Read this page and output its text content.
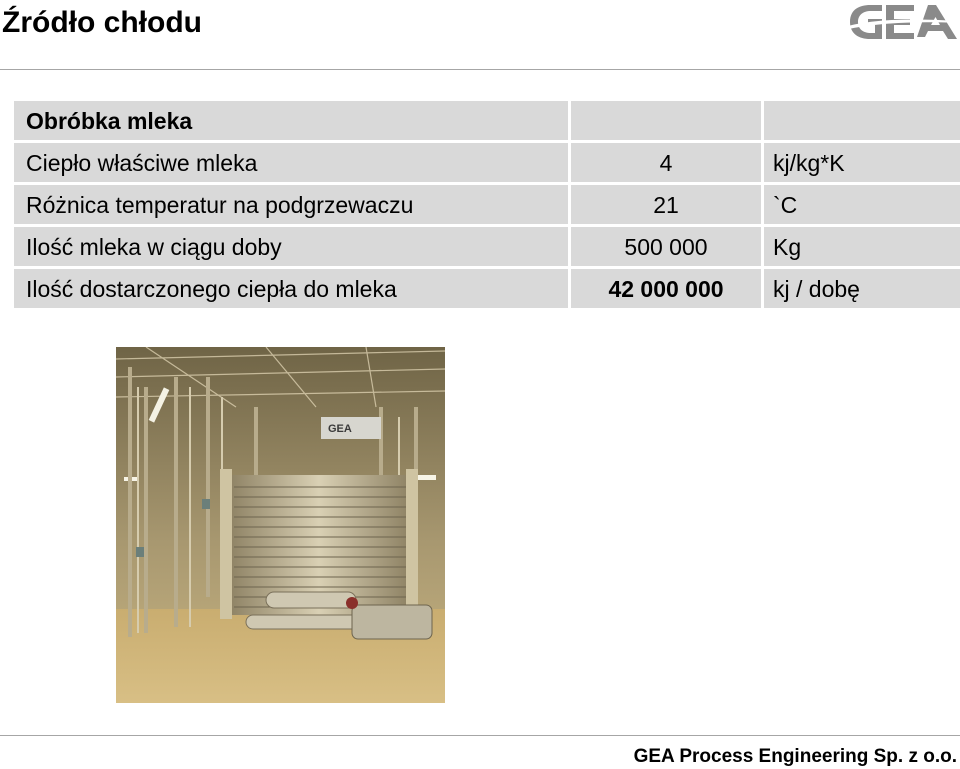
Źródło chłodu
Obróbka mleka		
Ciepło właściwe mleka	4	kj/kg*K
Różnica temperatur na podgrzewaczu	21	`C
Ilość mleka w ciągu doby	500 000	Kg
Ilość dostarczonego ciepła do mleka	42 000 000	kj / dobę
GEA
GEA Process Engineering Sp. z o.o.
